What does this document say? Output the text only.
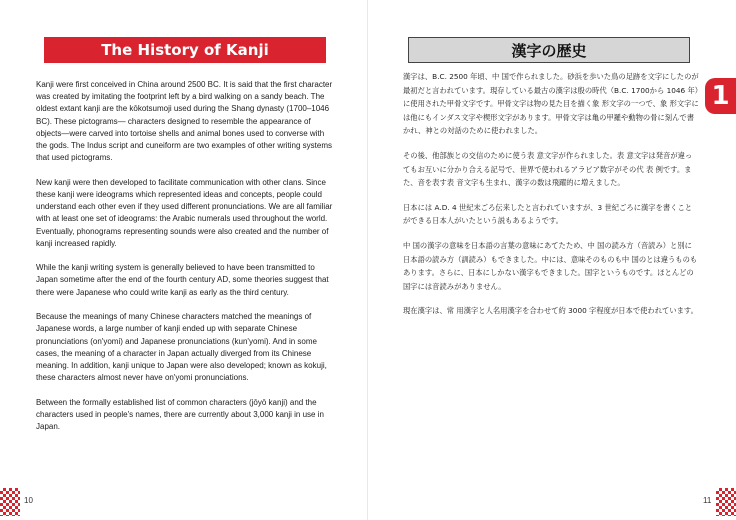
The History of Kanji

Kanji were first conceived in China around 2500 BC. It is said that the first character was created by imitating the footprint left by a bird walking on a sandy beach. The oldest extant kanji are the kōkotsumoji used during the Shang dynasty (1700–1046 BC). These pictograms— characters designed to resemble the appearance of objects—were carved into tortoise shells and animal bones used to converse with the gods. The Indus script and cuneiform are two examples of other writing systems that used pictograms.

New kanji were then developed to facilitate communication with other clans. Since these kanji were ideograms which represented ideas and concepts, people could understand each other even if they used different pronunciations. We are all familiar with at least one set of ideograms: the Arabic numerals used throughout the world. Eventually, phonograms representing sounds were also created and the number of kanji increased rapidly.

While the kanji writing system is generally believed to have been transmitted to Japan sometime after the end of the fourth century AD, some theories suggest that there were Japanese who could write kanji as early as the third century.

Because the meanings of many Chinese characters matched the meanings of Japanese words, a large number of kanji ended up with separate Chinese pronunciations (on'yomi) and Japanese pronunciations (kun'yomi). And in some cases, the meaning of a character in Japan actually diverged from its Chinese meaning. In addition, kanji unique to Japan were also developed; known as kokuji, these characters almost never have on'yomi pronunciations.

Between the formally established list of common characters (jōyō kanji) and the characters used in people's names, there are currently about 3,000 kanji in use in Japan.

漢字の歴史

漢字は、B.C. 2500 年頃、中 国で作られました。砂浜を歩いた鳥の足跡を文字にしたのが最初だと言われています。現存している最古の漢字は殷の時代（B.C. 1700から 1046 年）に使用された甲骨文字です。甲骨文字は物の見た目を描く象 形文字の一つで、象 形文字には他にもインダス文字や楔形文字があります。甲骨文字は亀の甲羅や動物の骨に刻んで書かれ、神との対話のために使われました。

その後、他部族との交信のために使う表 意文字が作られました。表 意文字は発音が違ってもお互いに分かり合える記号で、世界で使われるアラビア数字がその代 表 例です。また、音を表す表 音文字も生まれ、漢字の数は飛躍的に増えました。

日本には A.D. 4 世紀末ごろ伝来したと言われていますが、3 世紀ごろに漢字を書くことができる日本人がいたという説もあるようです。

中 国の漢字の意味を日本語の言葉の意味にあてたため、中 国の読み方（音読み）と別に日本語の読み方（訓読み）もできました。中には、意味そのものも中 国のとは違うものもあります。さらに、日本にしかない漢字もできました。国字というものです。ほとんどの国字には音読みがありません。

現在漢字は、常 用漢字と人名用漢字を合わせて約 3000 字程度が日本で使われています。

1
10	11
